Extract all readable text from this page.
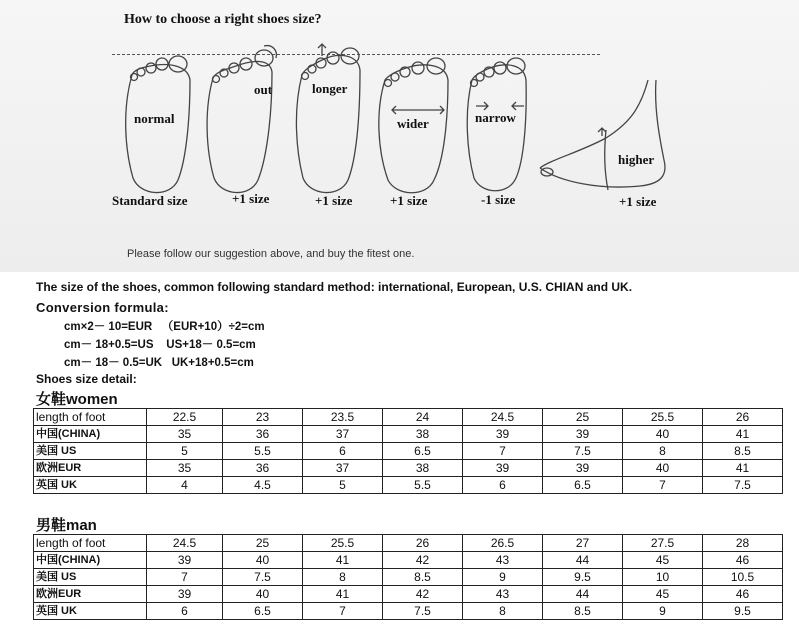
How to choose a right shoes size?
normal
out	longer
wider	narrow
higher
Standard size	+1 size	+1 size	+1 size	-1 size	+1 size
Please follow our suggestion above, and buy the fitest one.
The size of the shoes, common following standard method: international, European, U.S. CHIAN and UK.
Conversion formula:
cm×2－ 10=EUR   （EUR+10）÷2=cm
cm－ 18+0.5=US    US+18－ 0.5=cm
cm－ 18－ 0.5=UK   UK+18+0.5=cm
Shoes size detail:
女鞋women
length of foot	22.5	23	23.5	24	24.5	25	25.5	26
中国(CHINA)	35	36	37	38	39	39	40	41
美国 US	5	5.5	6	6.5	7	7.5	8	8.5
欧洲EUR	35	36	37	38	39	39	40	41
英国 UK	4	4.5	5	5.5	6	6.5	7	7.5
男鞋man
length of foot	24.5	25	25.5	26	26.5	27	27.5	28
中国(CHINA)	39	40	41	42	43	44	45	46
美国 US	7	7.5	8	8.5	9	9.5	10	10.5
欧洲EUR	39	40	41	42	43	44	45	46
英国 UK	6	6.5	7	7.5	8	8.5	9	9.5
